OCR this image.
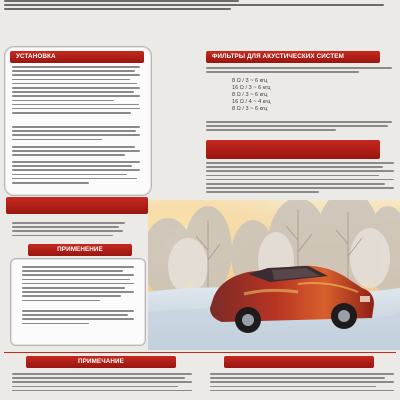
УСТАНОВКА	ФИЛЬТРЫ ДЛЯ АКУСТИЧЕСКИХ СИСТЕМ
8 Ω / 3 ~ 6 кгц
16 Ω / 3 ~ 6 кгц
8 Ω / 3 ~ 6 кгц
16 Ω / 4 ~ 4 кгц
8 Ω / 3 ~ 6 кгц
ПРИМЕНЕНИЕ
ПРИМЕЧАНИЕ
